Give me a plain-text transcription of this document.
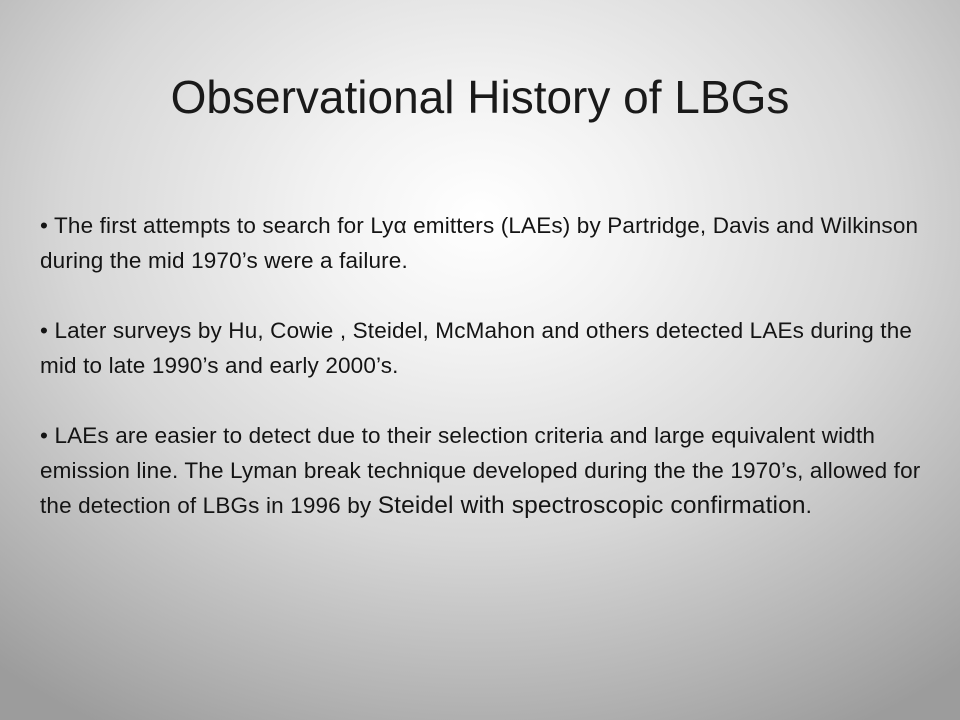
Observational History of LBGs

• The first attempts to search for Lyα emitters (LAEs) by Partridge, Davis and Wilkinson during the mid 1970’s were a failure.

• Later surveys by Hu, Cowie , Steidel, McMahon and others detected LAEs during the mid to late 1990’s and early 2000’s.

• LAEs are easier to detect due to their selection criteria and large equivalent width emission line. The Lyman break technique developed during the the 1970’s, allowed for the detection of LBGs in 1996 by Steidel with spectroscopic confirmation.
